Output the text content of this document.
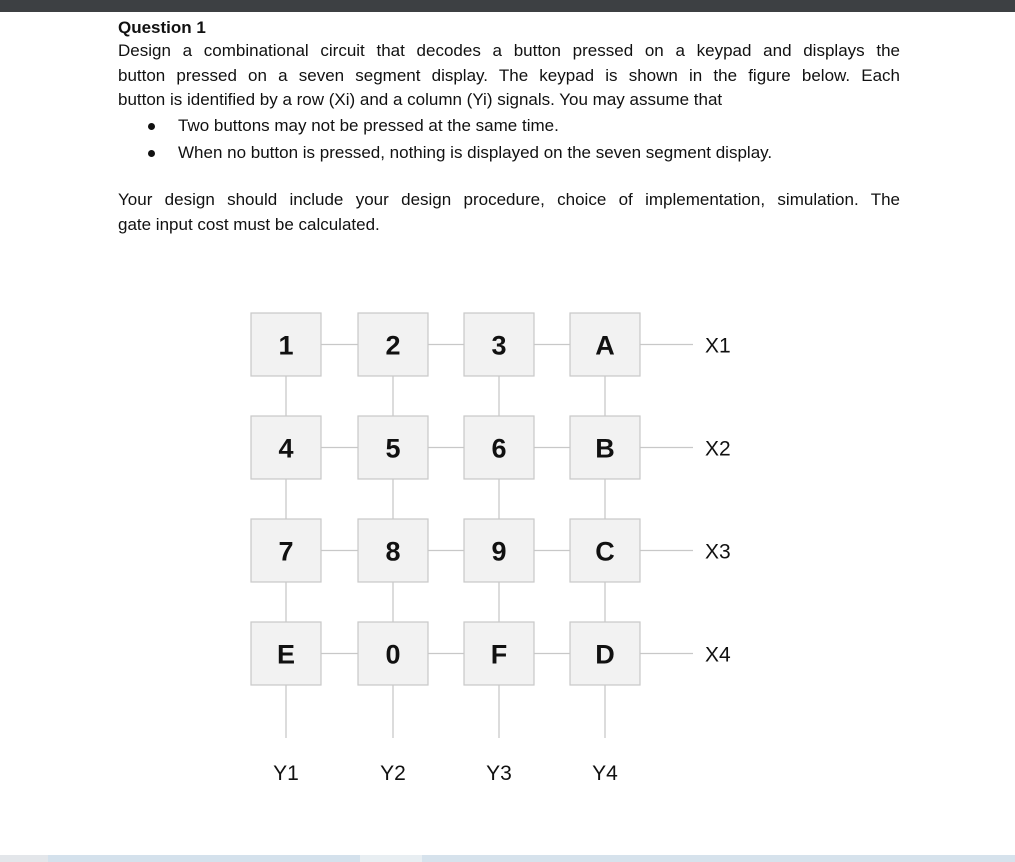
Question 1

Design a combinational circuit that decodes a button pressed on a keypad and displays the
button pressed on a seven segment display. The keypad is shown in the figure below. Each
button is identified by a row (Xi) and a column (Yi) signals. You may assume that

Two buttons may not be pressed at the same time.
When no button is pressed, nothing is displayed on the seven segment display.

Your design should include your design procedure, choice of implementation, simulation. The
gate input cost must be calculated.

1	2	3	A	X1
4	5	6	B	X2
7	8	9	C	X3
E	0	F	D	X4
Y1	Y2	Y3	Y4
